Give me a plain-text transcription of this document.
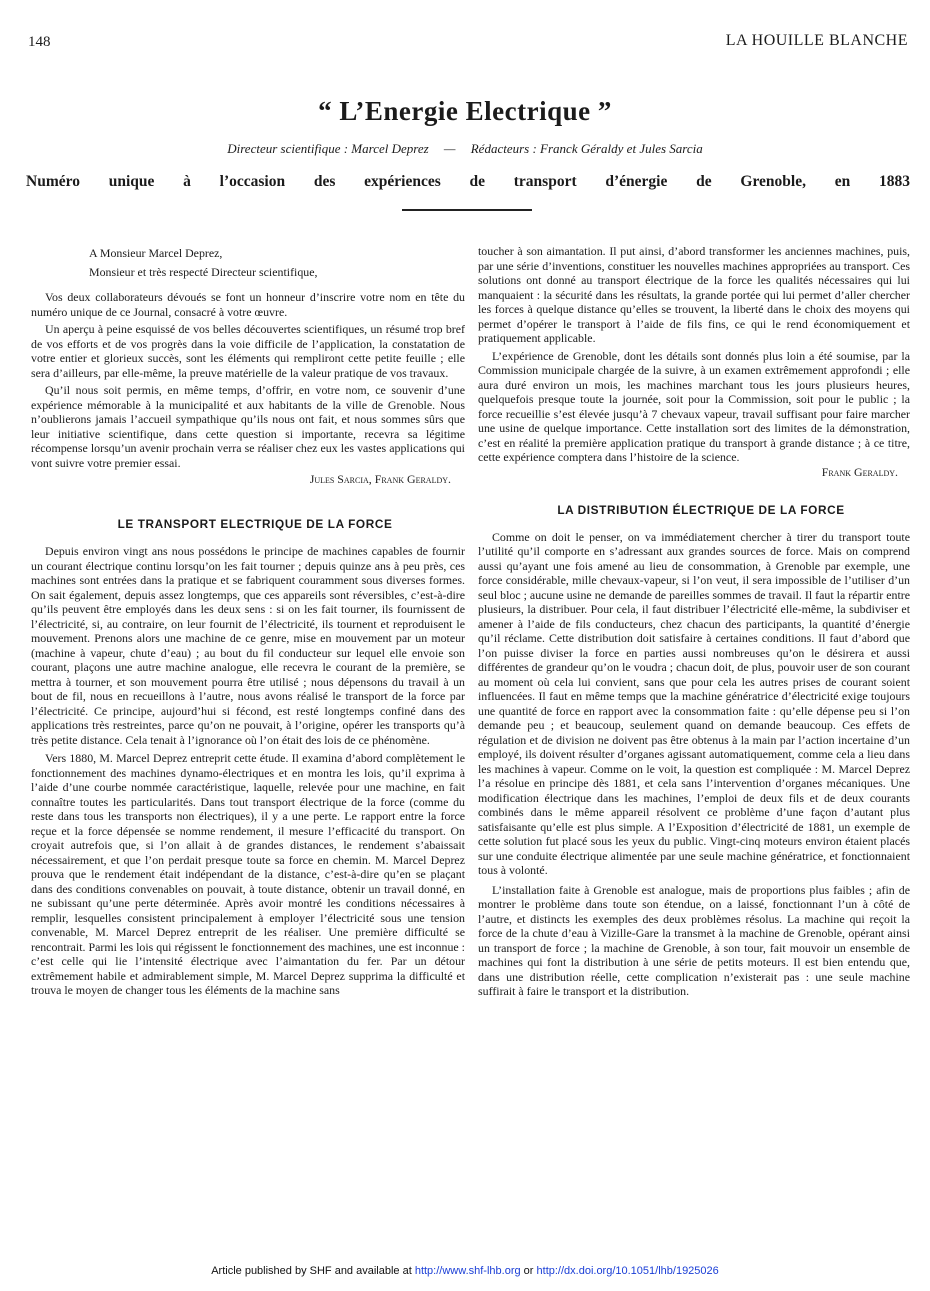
148	LA HOUILLE BLANCHE
“ L’Energie Electrique ”
Directeur scientifique : Marcel Deprez — Rédacteurs : Franck Géraldy et Jules Sarcia
Numéro unique à l’occasion des expériences de transport d’énergie de Grenoble, en 1883

A Monsieur Marcel Deprez,

Monsieur et très respecté Directeur scientifique,

Vos deux collaborateurs dévoués se font un honneur d’inscrire votre nom en tête du numéro unique de ce Journal, consacré à votre œuvre.

Un aperçu à peine esquissé de vos belles découvertes scientifiques, un résumé trop bref de vos efforts et de vos progrès dans la voie difficile de l’application, la constatation de votre entier et glorieux succès, sont les éléments qui rempliront cette petite feuille ; elle sera d’ailleurs, par elle-même, la preuve matérielle de la valeur pratique de vos travaux.

Qu’il nous soit permis, en même temps, d’offrir, en votre nom, ce souvenir d’une expérience mémorable à la municipalité et aux habitants de la ville de Grenoble. Nous n’oublierons jamais l’accueil sympathique qu’ils nous ont fait, et nous sommes sûrs que leur initiative scientifique, dans cette question si importante, recevra sa légitime récompense lorsqu’un avenir prochain verra se réaliser chez eux les vastes applications qui vont suivre votre premier essai.

Jules Sarcia, Frank Geraldy.

LE TRANSPORT ELECTRIQUE DE LA FORCE

Depuis environ vingt ans nous possédons le principe de machines capables de fournir un courant électrique continu lorsqu’on les fait tourner ; depuis quinze ans à peu près, ces machines sont entrées dans la pratique et se fabriquent couramment sous diverses formes. On sait également, depuis assez longtemps, que ces appareils sont réversibles, c’est-à-dire qu’ils peuvent être employés dans les deux sens : si on les fait tourner, ils fournissent de l’électricité, si, au contraire, on leur fournit de l’électricité, ils tournent et reproduisent le mouvement. Prenons alors une machine de ce genre, mise en mouvement par un moteur (machine à vapeur, chute d’eau) ; au bout du fil conducteur sur lequel elle envoie son courant, plaçons une autre machine analogue, elle recevra le courant de la première, se mettra à tourner, et son mouvement pourra être utilisé ; nous dépensons du travail à un bout de fil, nous en recueillons à l’autre, nous avons réalisé le transport de la force par l’électricité. Ce principe, aujourd’hui si fécond, est resté longtemps confiné dans des applications très restreintes, parce qu’on ne pouvait, à l’origine, opérer les transports qu’à très petite distance. Cela tenait à l’ignorance où l’on était des lois de ce phénomène.

Vers 1880, M. Marcel Deprez entreprit cette étude. Il examina d’abord complètement le fonctionnement des machines dynamo-électriques et en montra les lois, qu’il exprima à l’aide d’une courbe nommée caractéristique, laquelle, relevée pour une machine, en fait connaître toutes les particularités. Dans tout transport électrique de la force (comme du reste dans tous les transports non électriques), il y a une perte. Le rapport entre la force reçue et la force dépensée se nomme rendement, il mesure l’efficacité du transport. On croyait autrefois que, si l’on allait à de grandes distances, le rendement s’abaissait nécessairement, et que l’on perdait presque toute sa force en chemin. M. Marcel Deprez prouva que le rendement était indépendant de la distance, c’est-à-dire qu’en se plaçant dans des conditions convenables on pouvait, à toute distance, obtenir un travail donné, en ne subissant qu’une perte déterminée. Après avoir montré les conditions nécessaires à remplir, lesquelles consistent principalement à employer l’électricité sous une tension convenable, M. Marcel Deprez entreprit de les réaliser. Une première difficulté se rencontrait. Parmi les lois qui régissent le fonctionnement des machines, une est inconnue : c’est celle qui lie l’intensité électrique avec l’aimantation du fer. Par un détour extrêmement habile et admirablement simple, M. Marcel Deprez supprima la difficulté et trouva le moyen de changer tous les éléments de la machine sans

toucher à son aimantation. Il put ainsi, d’abord transformer les anciennes machines, puis, par une série d’inventions, constituer les nouvelles machines appropriées au transport. Ces solutions ont donné au transport électrique de la force les qualités nécessaires qui lui manquaient : la sécurité dans les résultats, la grande portée qui lui permet d’aller chercher les forces à quelque distance qu’elles se trouvent, la liberté dans le choix des moyens qui permet d’opérer le transport à l’aide de fils fins, ce qui le rend économiquement et pratiquement applicable.

L’expérience de Grenoble, dont les détails sont donnés plus loin a été soumise, par la Commission municipale chargée de la suivre, à un examen extrêmement approfondi ; elle aura duré environ un mois, les machines marchant tous les jours plusieurs heures, quelquefois presque toute la journée, soit pour la Commission, soit pour le public ; la force recueillie s’est élevée jusqu’à 7 chevaux vapeur, travail suffisant pour faire marcher une usine de quelque importance. Cette installation sort des limites de la démonstration, c’est en réalité la première application pratique du transport à grande distance ; à ce titre, cette expérience comptera dans l’histoire de la science.

Frank Geraldy.

LA DISTRIBUTION ÉLECTRIQUE DE LA FORCE

Comme on doit le penser, on va immédiatement chercher à tirer du transport toute l’utilité qu’il comporte en s’adressant aux grandes sources de force. Mais on comprend aussi qu’ayant une fois amené au lieu de consommation, à Grenoble par exemple, une force considérable, mille chevaux-vapeur, si l’on veut, il sera impossible de l’utiliser d’un seul bloc ; aucune usine ne demande de pareilles sommes de travail. Il faut la répartir entre plusieurs, la distribuer. Pour cela, il faut distribuer l’électricité elle-même, la subdiviser et amener à l’aide de fils conducteurs, chez chacun des participants, la quantité d’énergie qu’il réclame. Cette distribution doit satisfaire à certaines conditions. Il faut d’abord que l’on puisse diviser la force en parties aussi nombreuses qu’on le désirera et aussi différentes de grandeur qu’on le voudra ; chacun doit, de plus, pouvoir user de son courant au moment où cela lui convient, sans que pour cela les autres prises de courant soient influencées. Il faut en même temps que la machine génératrice d’électricité exige toujours une quantité de force en rapport avec la consommation faite : qu’elle dépense peu si l’on demande peu ; et beaucoup, seulement quand on demande beaucoup. Ces effets de régulation et de division ne doivent pas être obtenus à la main par l’action incertaine d’un employé, ils doivent résulter d’organes agissant automatiquement, comme cela a lieu dans les machines à vapeur. Comme on le voit, la question est compliquée : M. Marcel Deprez l’a résolue en principe dès 1881, et cela sans l’intervention d’organes mécaniques. Une modification électrique dans les machines, l’emploi de deux fils et de deux courants combinés dans le même appareil résolvent ce problème d’une façon d’autant plus satisfaisante qu’elle est plus simple. A l’Exposition d’électricité de 1881, un exemple de cette solution fut placé sous les yeux du public. Vingt-cinq moteurs environ étaient placés sur une conduite électrique alimentée par une seule machine génératrice, et fonctionnaient tous à volonté.

L’installation faite à Grenoble est analogue, mais de proportions plus faibles ; afin de montrer le problème dans toute son étendue, on a laissé, fonctionnant l’un à côté de l’autre, et distincts les exemples des deux problèmes résolus. La machine qui reçoit la force de la chute d’eau à Vizille-Gare la transmet à la machine de Grenoble, opérant ainsi un transport de force ; la machine de Grenoble, à son tour, fait mouvoir un ensemble de machines qui font la distribution à une série de petits moteurs. Il est bien entendu que, dans une distribution réelle, cette complication n’existerait pas : une seule machine suffirait à faire le transport et la distribution.

Article published by SHF and available at http://www.shf-lhb.org or http://dx.doi.org/10.1051/lhb/1925026
